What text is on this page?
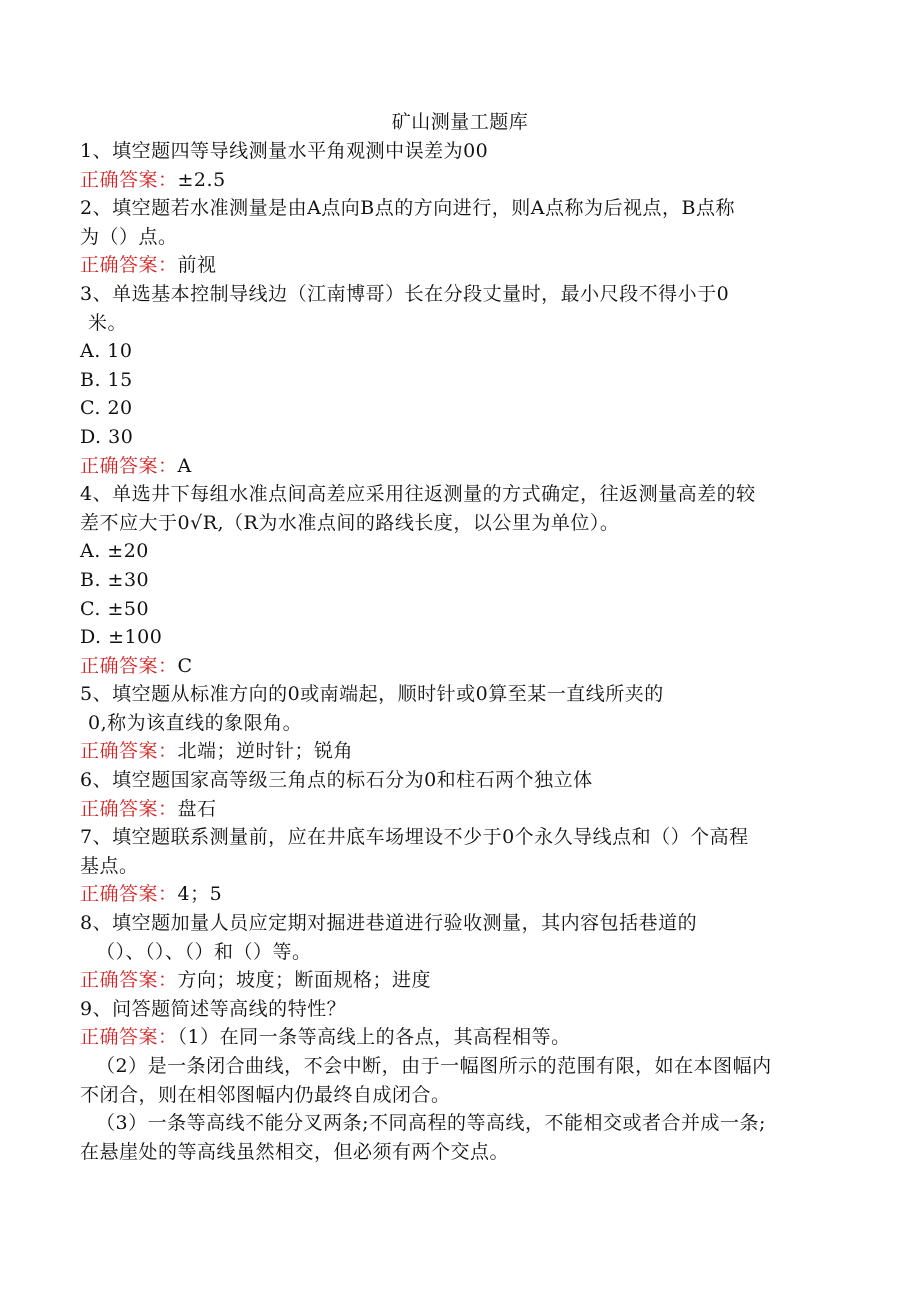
矿山测量工题库
1、填空题四等导线测量水平角观测中误差为00
正确答案：±2.5
2、填空题若水准测量是由A点向B点的方向进行，则A点称为后视点，B点称
为（）点。
正确答案：前视
3、单选基本控制导线边（江南博哥）长在分段丈量时，最小尺段不得小于0
米。
A. 10
B. 15
C. 20
D. 30
正确答案：A
4、单选井下每组水准点间高差应采用往返测量的方式确定，往返测量高差的较
差不应大于0√R,（R为水准点间的路线长度，以公里为单位）。
A. ±20
B. ±30
C. ±50
D. ±100
正确答案：C
5、填空题从标准方向的0或南端起，顺时针或0算至某一直线所夹的
0,称为该直线的象限角。
正确答案：北端；逆时针；锐角
6、填空题国家高等级三角点的标石分为0和柱石两个独立体
正确答案：盘石
7、填空题联系测量前，应在井底车场埋设不少于0个永久导线点和（）个高程
基点。
正确答案：4；5
8、填空题加量人员应定期对掘进巷道进行验收测量，其内容包括巷道的
（）、（）、（）和（）等。
正确答案：方向；坡度；断面规格；进度
9、问答题简述等高线的特性？
正确答案：（1）在同一条等高线上的各点，其高程相等。
（2）是一条闭合曲线，不会中断，由于一幅图所示的范围有限，如在本图幅内
不闭合，则在相邻图幅内仍最终自成闭合。
（3）一条等高线不能分叉两条;不同高程的等高线，不能相交或者合并成一条;
在悬崖处的等高线虽然相交，但必须有两个交点。
